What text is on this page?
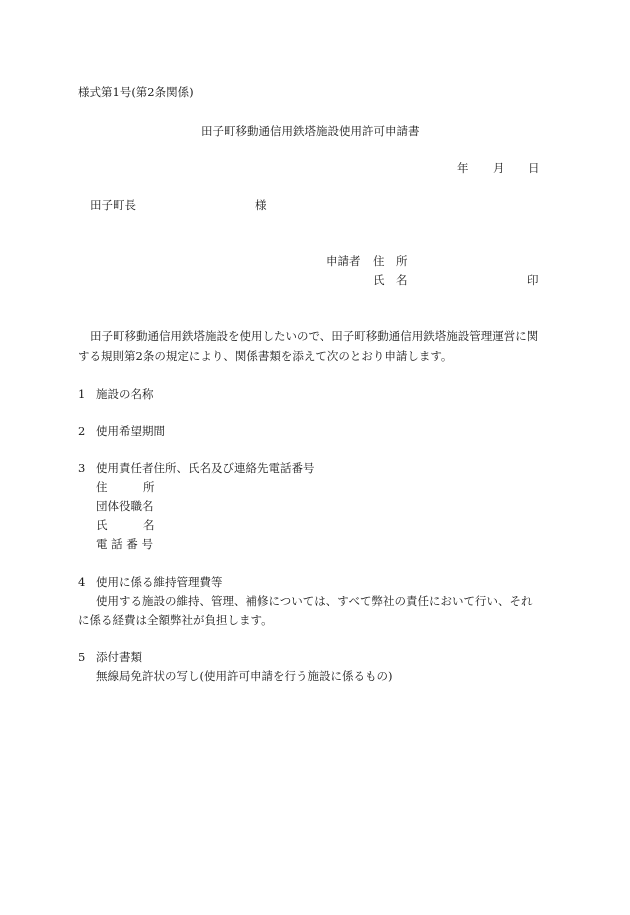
様式第1号(第2条関係)
田子町移動通信用鉄塔施設使用許可申請書
年 月 日
田子町長	様
申請者 住　所
氏　名	印
田子町移動通信用鉄塔施設を使用したいので、田子町移動通信用鉄塔施設管理運営に関
する規則第2条の規定により、関係書類を添えて次のとおり申請します。
1 施設の名称
2 使用希望期間
3 使用責任者住所、氏名及び連絡先電話番号
住	所
団体役職名
氏	名
電 話 番 号
4 使用に係る維持管理費等
使用する施設の維持、管理、補修については、すべて弊社の責任において行い、それ
に係る経費は全額弊社が負担します。
5 添付書類
無線局免許状の写し(使用許可申請を行う施設に係るもの)
